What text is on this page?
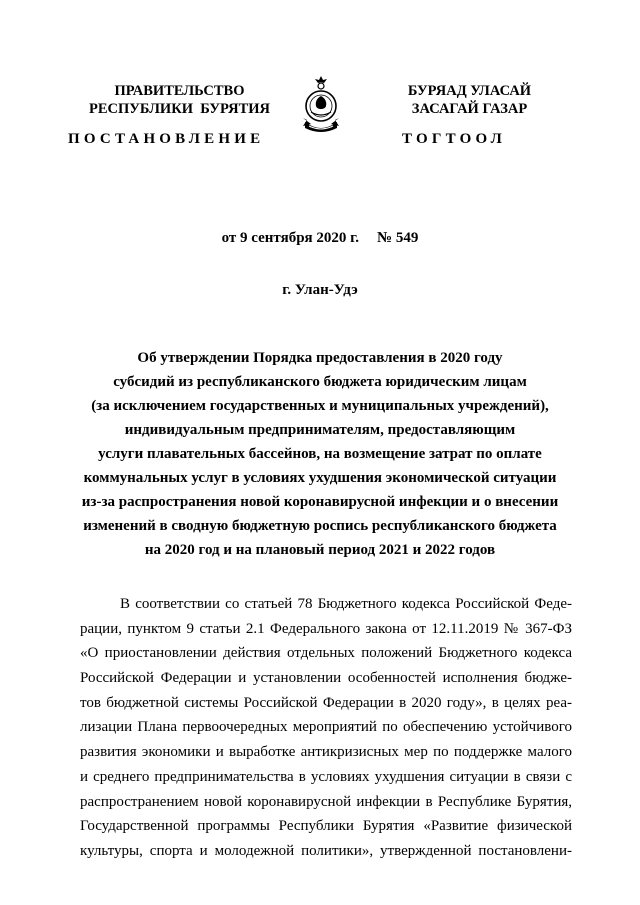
ПРАВИТЕЛЬСТВО
РЕСПУБЛИКИ  БУРЯТИЯ
БУРЯАД УЛАСАЙ
ЗАСАГАЙ ГАЗАР
ПОСТАНОВЛЕНИЕ	ТОГТООЛ
от 9 сентября 2020 г. № 549
г. Улан-Удэ
Об утверждении Порядка предоставления в 2020 году
субсидий из республиканского бюджета юридическим лицам
(за исключением государственных и муниципальных учреждений),
индивидуальным предпринимателям, предоставляющим
услуги плавательных бассейнов, на возмещение затрат по оплате
коммунальных услуг в условиях ухудшения экономической ситуации
из-за распространения новой коронавирусной инфекции и о внесении
изменений в сводную бюджетную роспись республиканского бюджета
на 2020 год и на плановый период 2021 и 2022 годов
В соответствии со статьей 78 Бюджетного кодекса Российской Феде-
рации, пунктом 9 статьи 2.1 Федерального закона от 12.11.2019 № 367-ФЗ
«О приостановлении действия отдельных положений Бюджетного кодекса
Российской Федерации и установлении особенностей исполнения бюдже-
тов бюджетной системы Российской Федерации в 2020 году», в целях реа-
лизации Плана первоочередных мероприятий по обеспечению устойчивого
развития экономики и выработке антикризисных мер по поддержке малого
и среднего предпринимательства в условиях ухудшения ситуации в связи с
распространением новой коронавирусной инфекции в Республике Бурятия,
Государственной программы Республики Бурятия «Развитие физической
культуры, спорта и молодежной политики», утвержденной постановлени-
